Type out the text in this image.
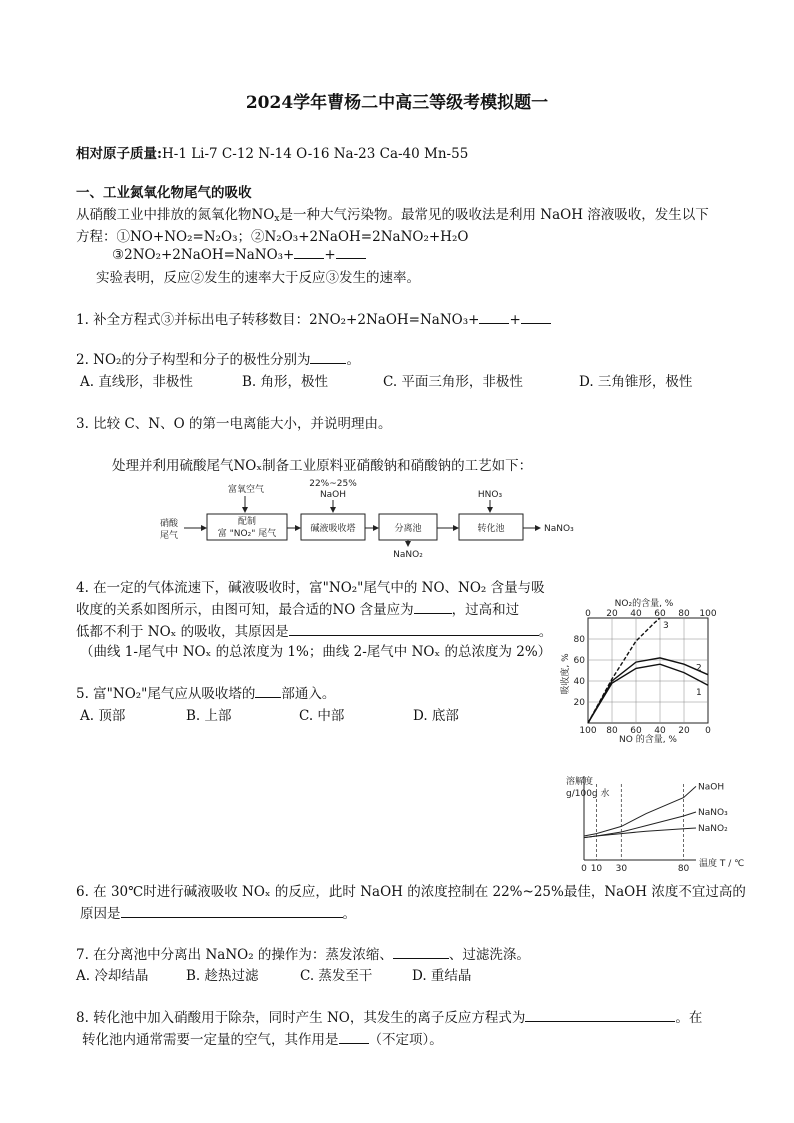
2024学年曹杨二中高三等级考模拟题一
相对原子质量:H-1 Li-7 C-12 N-14 O-16 Na-23 Ca-40 Mn-55
一、工业氮氧化物尾气的吸收
从硝酸工业中排放的氮氧化物$NO_x$是一种大气污染物。最常见的吸收法是利用 NaOH 溶液吸收，发生以下
方程：①NO+NO₂=N₂O₃；②N₂O₃+2NaOH=2NaNO₂+H₂O
③2NO₂+2NaOH=NaNO₃+ +
实验表明，反应②发生的速率大于反应③发生的速率。
1. 补全方程式③并标出电子转移数目：2NO₂+2NaOH=NaNO₃+ +
2. NO₂的分子构型和分子的极性分别为	。
A. 直线形，非极性	B. 角形，极性	C. 平面三角形，非极性	D. 三角锥形，极性
3. 比较 C、N、O 的第一电离能大小，并说明理由。
处理并利用硫酸尾气NOₓ制备工业原料亚硝酸钠和硝酸钠的工艺如下：
硝酸
尾气
富氧空气
配制
富 "NO₂" 尾气
22%~25%
NaOH
碱液吸收塔	分离池
NaNO₂
HNO₃
转化池	NaNO₃
4. 在一定的气体流速下，碱液吸收时，富"NO₂"尾气中的 NO、NO₂ 含量与吸
收度的关系如图所示，由图可知，最合适的NO 含量应为	，过高和过
低都不利于 NOₓ 的吸收，其原因是	。
（曲线 1-尾气中 NOₓ 的总浓度为 1%；曲线 2-尾气中 NOₓ 的总浓度为 2%）
5. 富"NO₂"尾气应从吸收塔的 部通入。
A. 顶部	B. 上部	C. 中部	D. 底部
NO₂的含量, %
0 20 40 60 80 100
80
60
40
20
吸收度, %	1
2
3
100 80 60 40 20 0
NO 的含量, %
溶解度
g/100g 水
NaOH
NaNO₃
NaNO₂
0 10 30	80 温度 T / ℃
6. 在 30℃时进行碱液吸收 NOₓ 的反应，此时 NaOH 的浓度控制在 22%~25%最佳，NaOH 浓度不宜过高的
原因是	。
7. 在分离池中分离出 NaNO₂ 的操作为：蒸发浓缩、	、过滤洗涤。
A. 冷却结晶	B. 趁热过滤	C. 蒸发至干	D. 重结晶
8. 转化池中加入硝酸用于除杂，同时产生 NO，其发生的离子反应方程式为	。在
转化池内通常需要一定量的空气，其作用是 （不定项）。
